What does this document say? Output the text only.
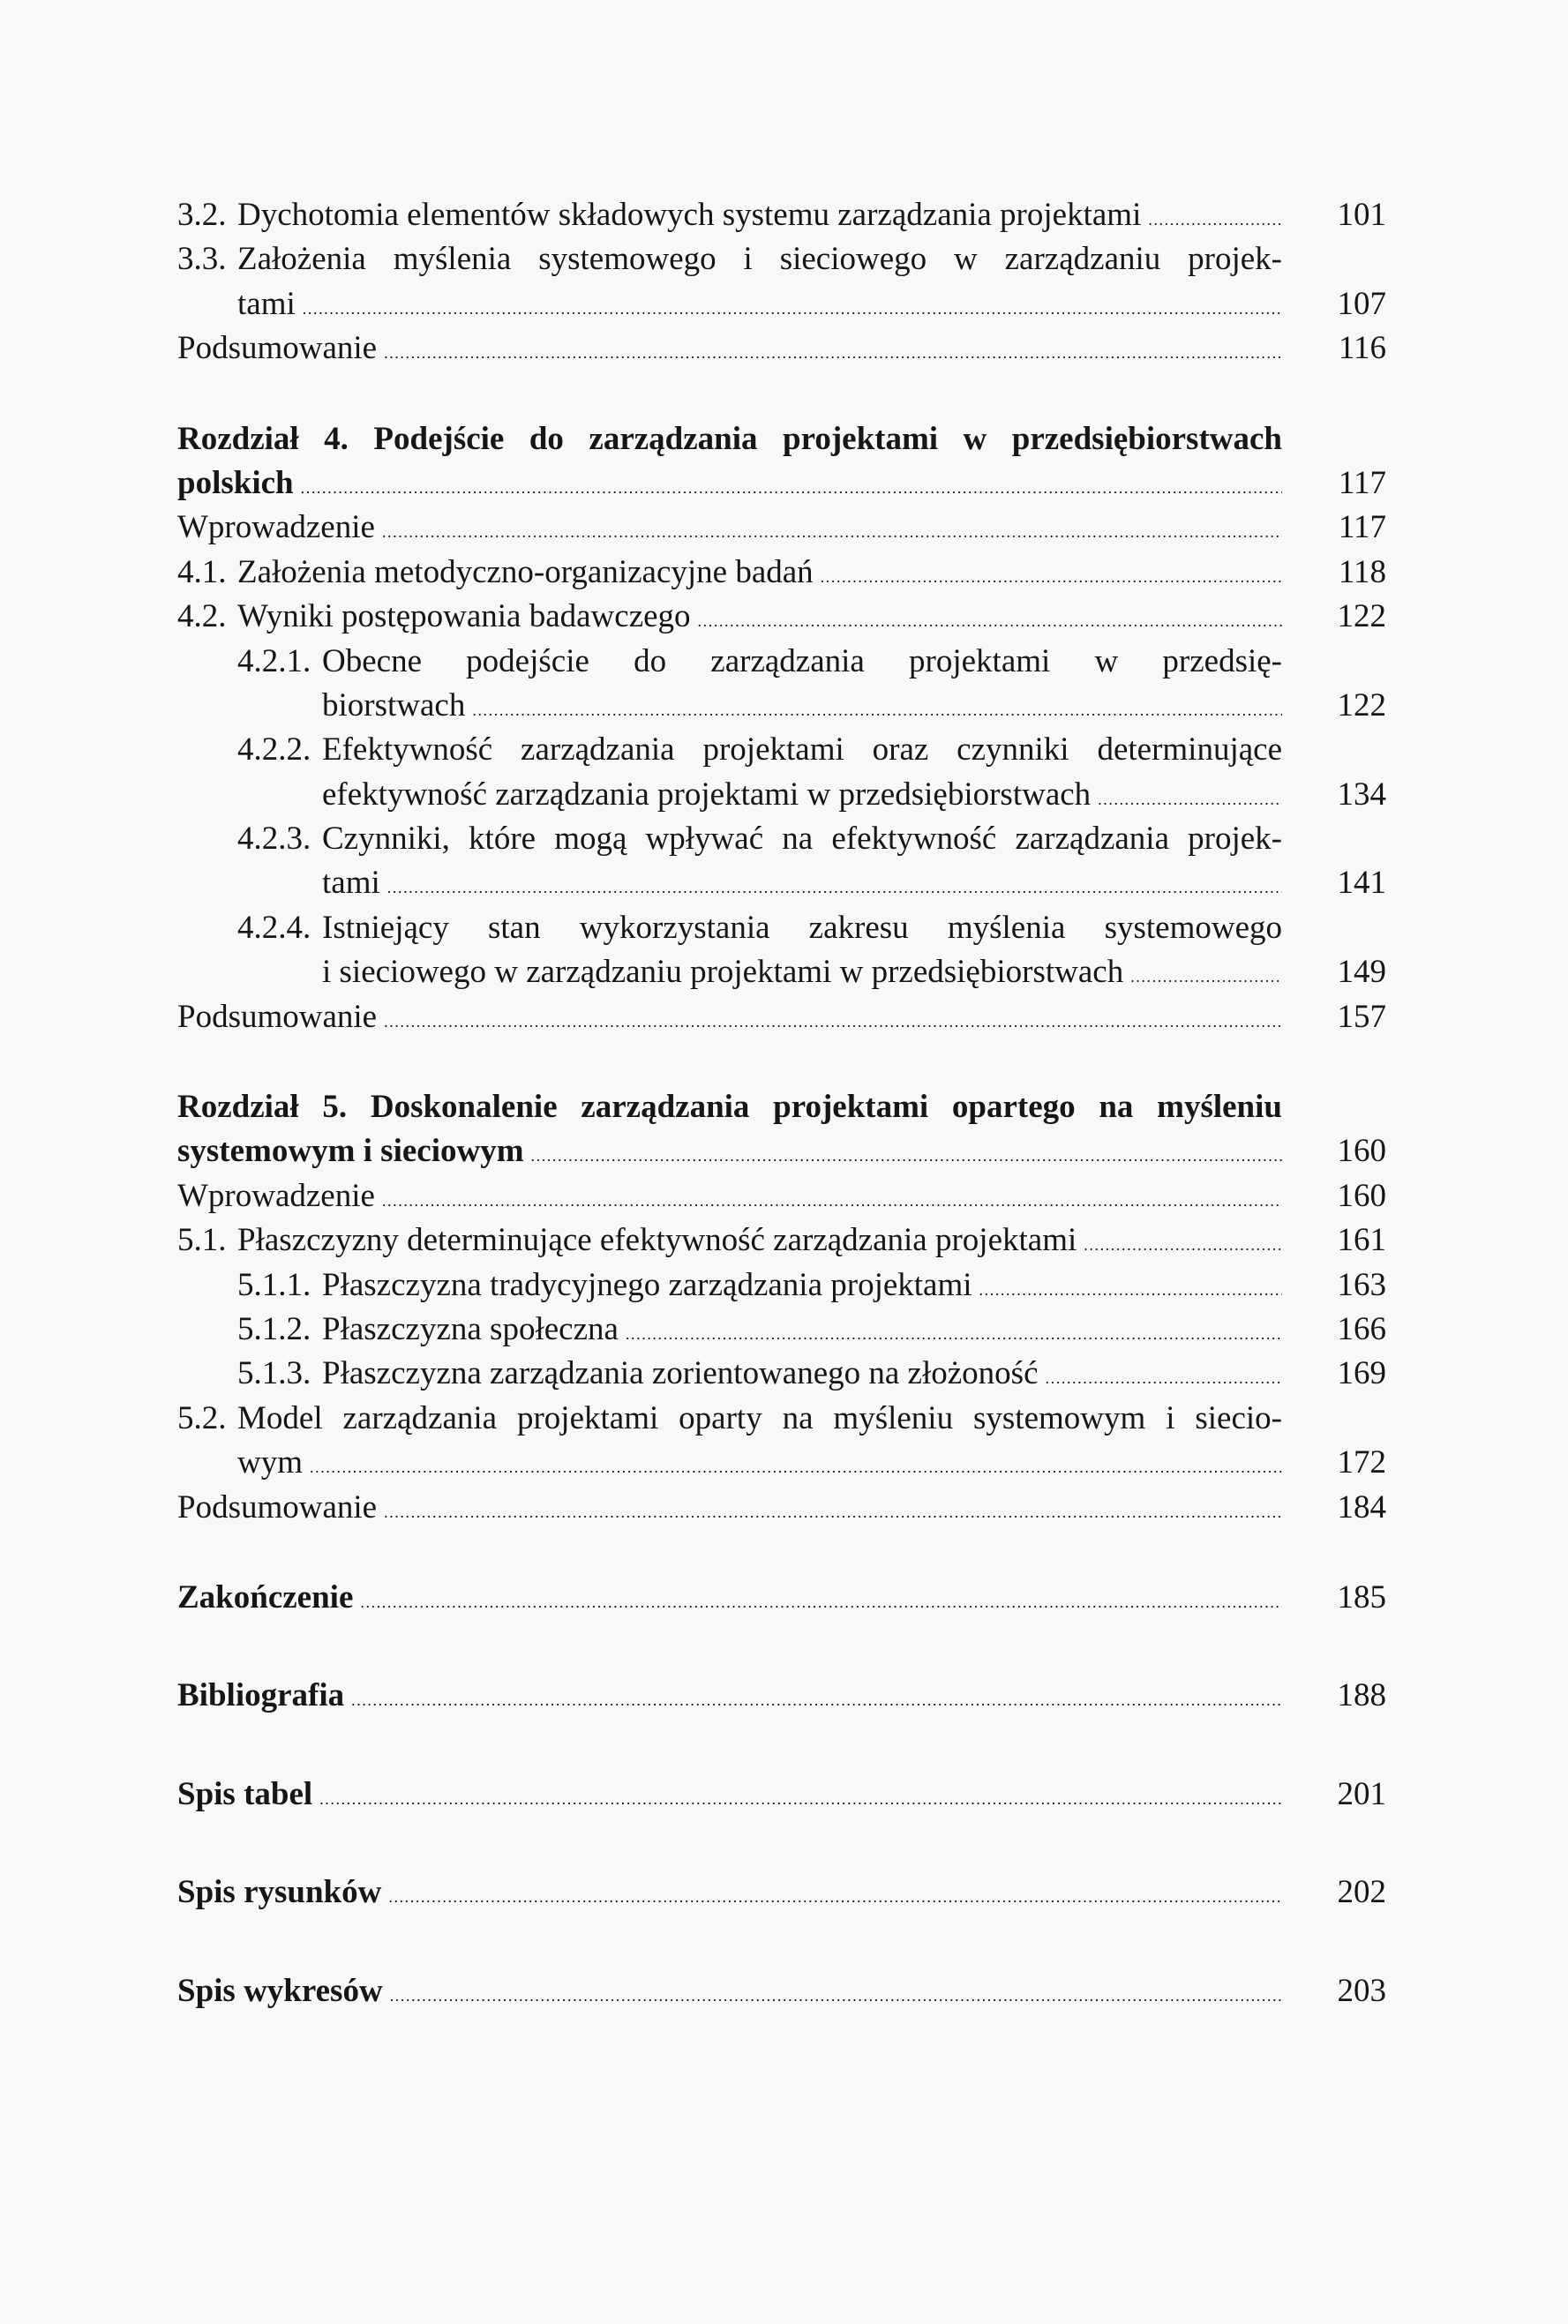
3.2. Dychotomia elementów składowych systemu zarządzania projektami .....	101
3.3. Założenia myślenia systemowego i sieciowego w zarządzaniu projek-
tami .....	107
Podsumowanie .....	116
Rozdział 4. Podejście do zarządzania projektami w przedsiębiorstwach
polskich .....	117
Wprowadzenie .....	117
4.1. Założenia metodyczno-organizacyjne badań .....	118
4.2. Wyniki postępowania badawczego .....	122
4.2.1. Obecne podejście do zarządzania projektami w przedsię-
biorstwach .....	122
4.2.2. Efektywność zarządzania projektami oraz czynniki determinujące
efektywność zarządzania projektami w przedsiębiorstwach .....	134
4.2.3. Czynniki, które mogą wpływać na efektywność zarządzania projek-
tami .....	141
4.2.4. Istniejący stan wykorzystania zakresu myślenia systemowego
i sieciowego w zarządzaniu projektami w przedsiębiorstwach .....	149
Podsumowanie .....	157
Rozdział 5. Doskonalenie zarządzania projektami opartego na myśleniu
systemowym i sieciowym .....	160
Wprowadzenie .....	160
5.1. Płaszczyzny determinujące efektywność zarządzania projektami .....	161
5.1.1. Płaszczyzna tradycyjnego zarządzania projektami .....	163
5.1.2. Płaszczyzna społeczna .....	166
5.1.3. Płaszczyzna zarządzania zorientowanego na złożoność .....	169
5.2. Model zarządzania projektami oparty na myśleniu systemowym i siecio-
wym .....	172
Podsumowanie .....	184
Zakończenie .....	185
Bibliografia .....	188
Spis tabel .....	201
Spis rysunków .....	202
Spis wykresów .....	203
